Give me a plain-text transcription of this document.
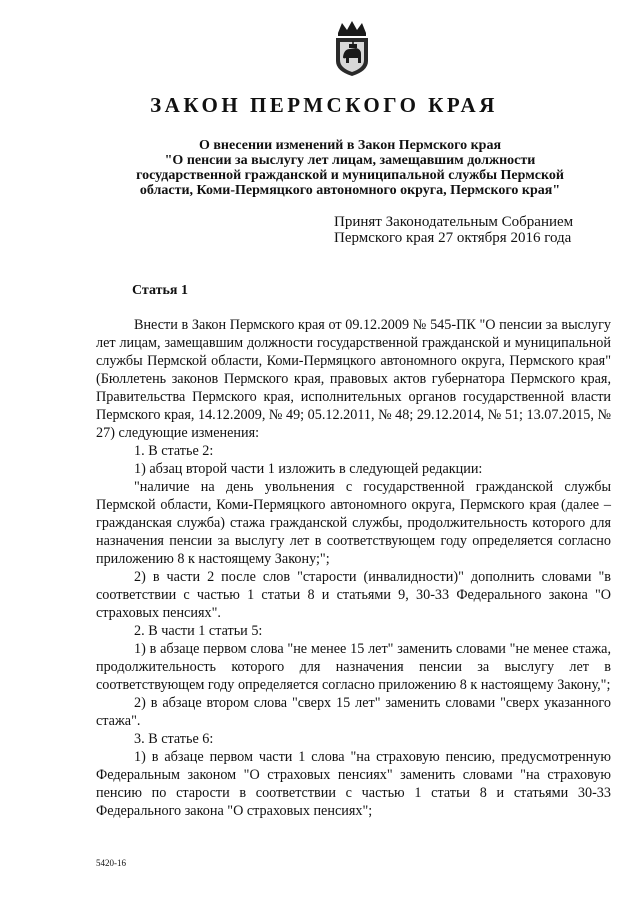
ЗАКОН ПЕРМСКОГО КРАЯ
О внесении изменений в Закон Пермского края
"О пенсии за выслугу лет лицам, замещавшим должности
государственной гражданской и муниципальной службы Пермской
области, Коми-Пермяцкого автономного округа, Пермского края"
Принят Законодательным Собранием
Пермского края 27 октября 2016 года
Статья 1

Внести в Закон Пермского края от 09.12.2009 № 545-ПК "О пенсии за выслугу лет лицам, замещавшим должности государственной гражданской и муниципальной службы Пермской области, Коми-Пермяцкого автономного округа, Пермского края" (Бюллетень законов Пермского края, правовых актов губернатора Пермского края, Правительства Пермского края, исполнительных органов государственной власти Пермского края, 14.12.2009, № 49; 05.12.2011, № 48; 29.12.2014, № 51; 13.07.2015, № 27) следующие изменения:

1. В статье 2:

1) абзац второй части 1 изложить в следующей редакции:

"наличие на день увольнения с государственной гражданской службы Пермской области, Коми-Пермяцкого автономного округа, Пермского края (далее – гражданская служба) стажа гражданской службы, продолжительность которого для назначения пенсии за выслугу лет в соответствующем году определяется согласно приложению 8 к настоящему Закону;";

2) в части 2 после слов "старости (инвалидности)" дополнить словами "в соответствии с частью 1 статьи 8 и статьями 9, 30-33 Федерального закона "О страховых пенсиях".

2. В части 1 статьи 5:

1) в абзаце первом слова "не менее 15 лет" заменить словами "не менее стажа, продолжительность которого для назначения пенсии за выслугу лет в соответствующем году определяется согласно приложению 8 к настоящему Закону,";

2) в абзаце втором слова "сверх 15 лет" заменить словами "сверх указанного стажа".

3. В статье 6:

1) в абзаце первом части 1 слова "на страховую пенсию, предусмотренную Федеральным законом "О страховых пенсиях" заменить словами "на страховую пенсию по старости в соответствии с частью 1 статьи 8 и статьями 30-33 Федерального закона "О страховых пенсиях";

5420-16
